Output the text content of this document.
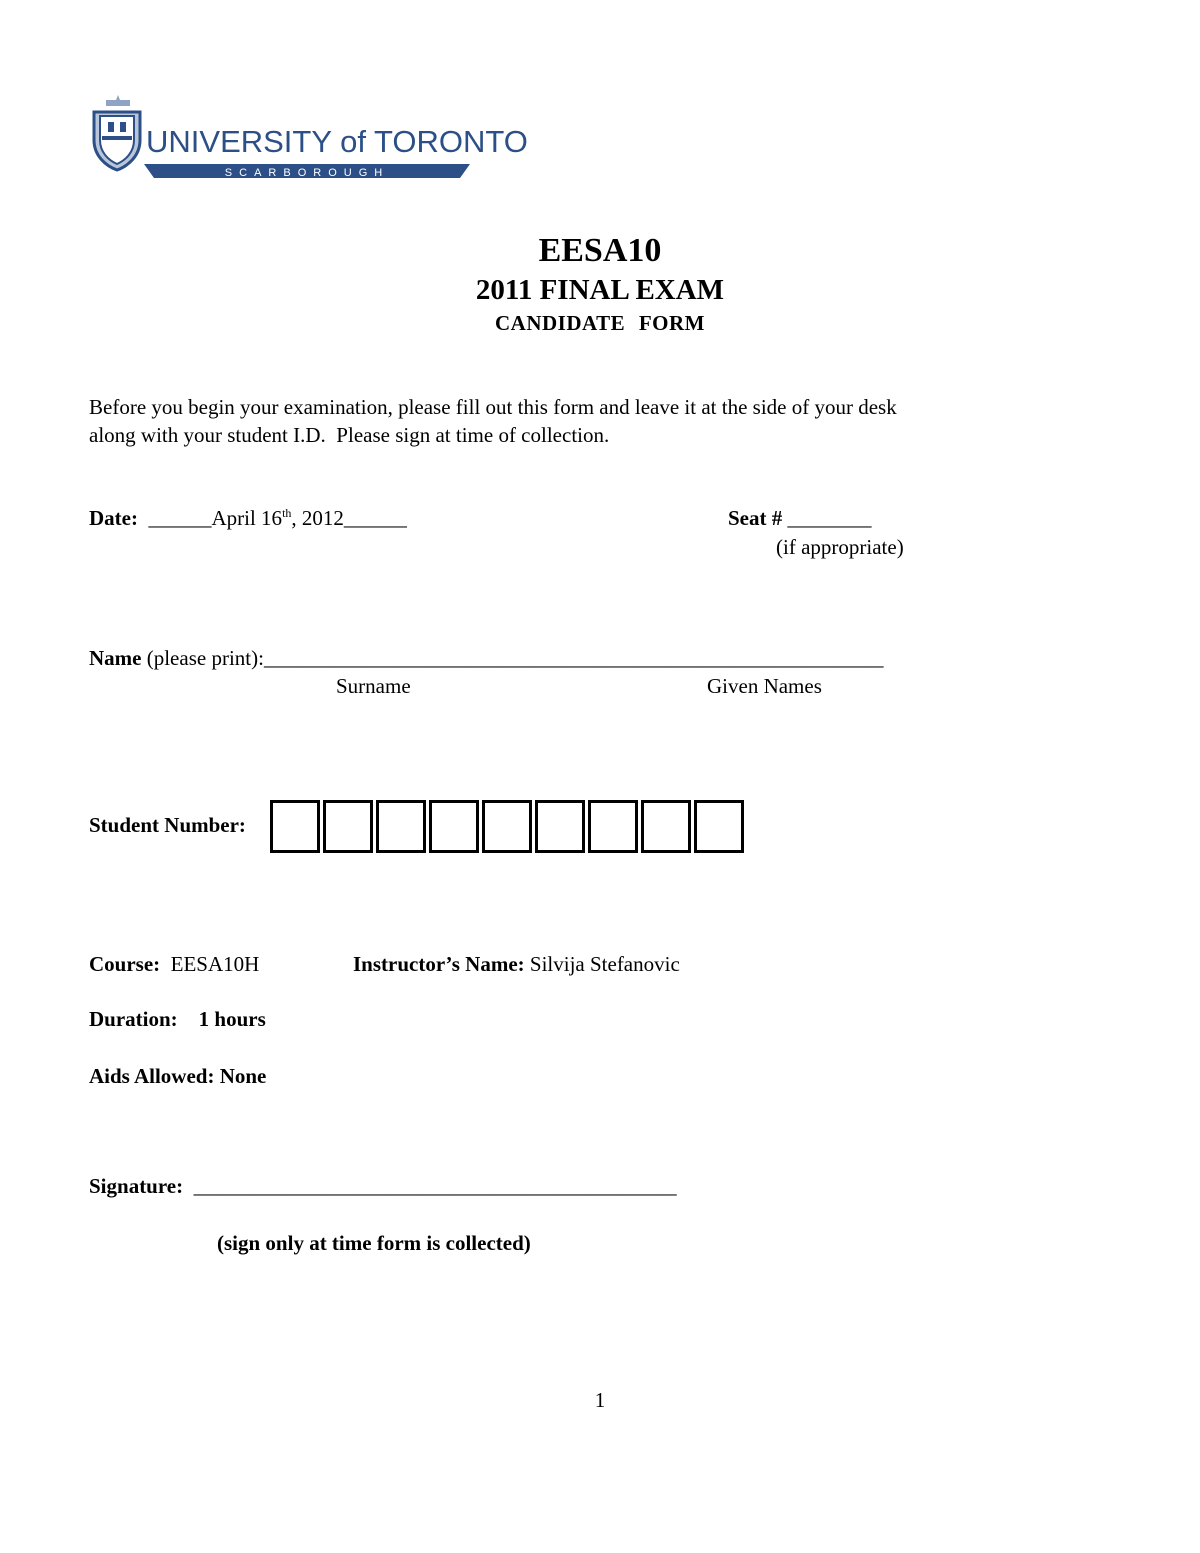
UNIVERSITY of TORONTO
SCARBOROUGH
EESA10
2011 FINAL EXAM
CANDIDATE FORM
Before you begin your examination, please fill out this form and leave it at the side of your desk
along with your student I.D.  Please sign at time of collection.
Date: ______April 16th, 2012______	Seat # ________
(if appropriate)
Name (please print):___________________________________________________________
Surname	Given Names
Student Number:
Course: EESA10H	Instructor’s Name: Silvija Stefanovic
Duration: 1 hours
Aids Allowed: None
Signature: ______________________________________________
(sign only at time form is collected)
1
